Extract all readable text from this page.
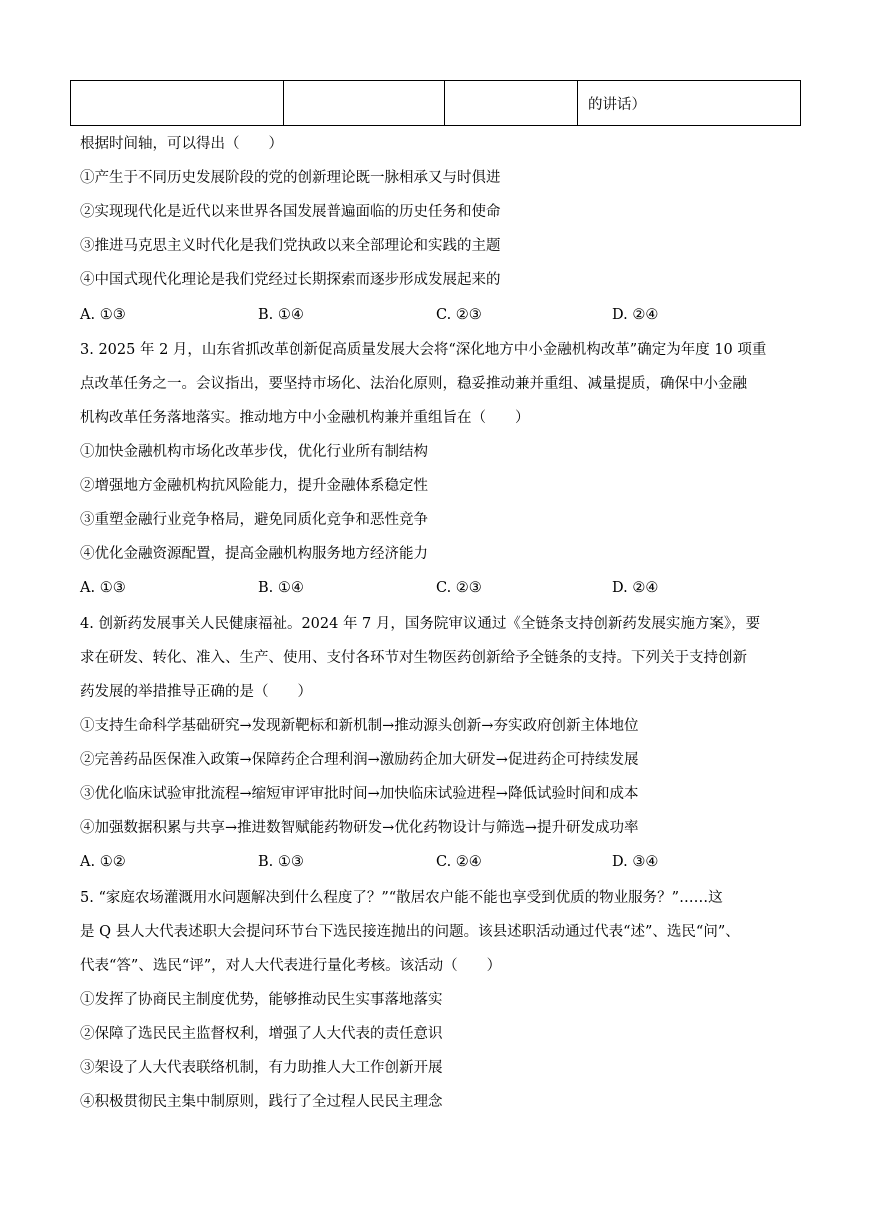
			的讲话）
根据时间轴，可以得出（　　）
①产生于不同历史发展阶段的党的创新理论既一脉相承又与时俱进
②实现现代化是近代以来世界各国发展普遍面临的历史任务和使命
③推进马克思主义时代化是我们党执政以来全部理论和实践的主题
④中国式现代化理论是我们党经过长期探索而逐步形成发展起来的
A. ①③	B. ①④	C. ②③	D. ②④
3. 2025 年 2 月，山东省抓改革创新促高质量发展大会将“深化地方中小金融机构改革”确定为年度 10 项重
点改革任务之一。会议指出，要坚持市场化、法治化原则，稳妥推动兼并重组、减量提质，确保中小金融
机构改革任务落地落实。推动地方中小金融机构兼并重组旨在（　　）
①加快金融机构市场化改革步伐，优化行业所有制结构
②增强地方金融机构抗风险能力，提升金融体系稳定性
③重塑金融行业竞争格局，避免同质化竞争和恶性竞争
④优化金融资源配置，提高金融机构服务地方经济能力
A. ①③	B. ①④	C. ②③	D. ②④
4. 创新药发展事关人民健康福祉。2024 年 7 月，国务院审议通过《全链条支持创新药发展实施方案》，要
求在研发、转化、准入、生产、使用、支付各环节对生物医药创新给予全链条的支持。下列关于支持创新
药发展的举措推导正确的是（　　）
①支持生命科学基础研究→发现新靶标和新机制→推动源头创新→夯实政府创新主体地位
②完善药品医保准入政策→保障药企合理利润→激励药企加大研发→促进药企可持续发展
③优化临床试验审批流程→缩短审评审批时间→加快临床试验进程→降低试验时间和成本
④加强数据积累与共享→推进数智赋能药物研发→优化药物设计与筛选→提升研发成功率
A. ①②	B. ①③	C. ②④	D. ③④
5. “家庭农场灌溉用水问题解决到什么程度了？”“散居农户能不能也享受到优质的物业服务？”……这
是 Q 县人大代表述职大会提问环节台下选民接连抛出的问题。该县述职活动通过代表“述”、选民“问”、
代表“答”、选民“评”，对人大代表进行量化考核。该活动（　　）
①发挥了协商民主制度优势，能够推动民生实事落地落实
②保障了选民民主监督权利，增强了人大代表的责任意识
③架设了人大代表联络机制，有力助推人大工作创新开展
④积极贯彻民主集中制原则，践行了全过程人民民主理念
